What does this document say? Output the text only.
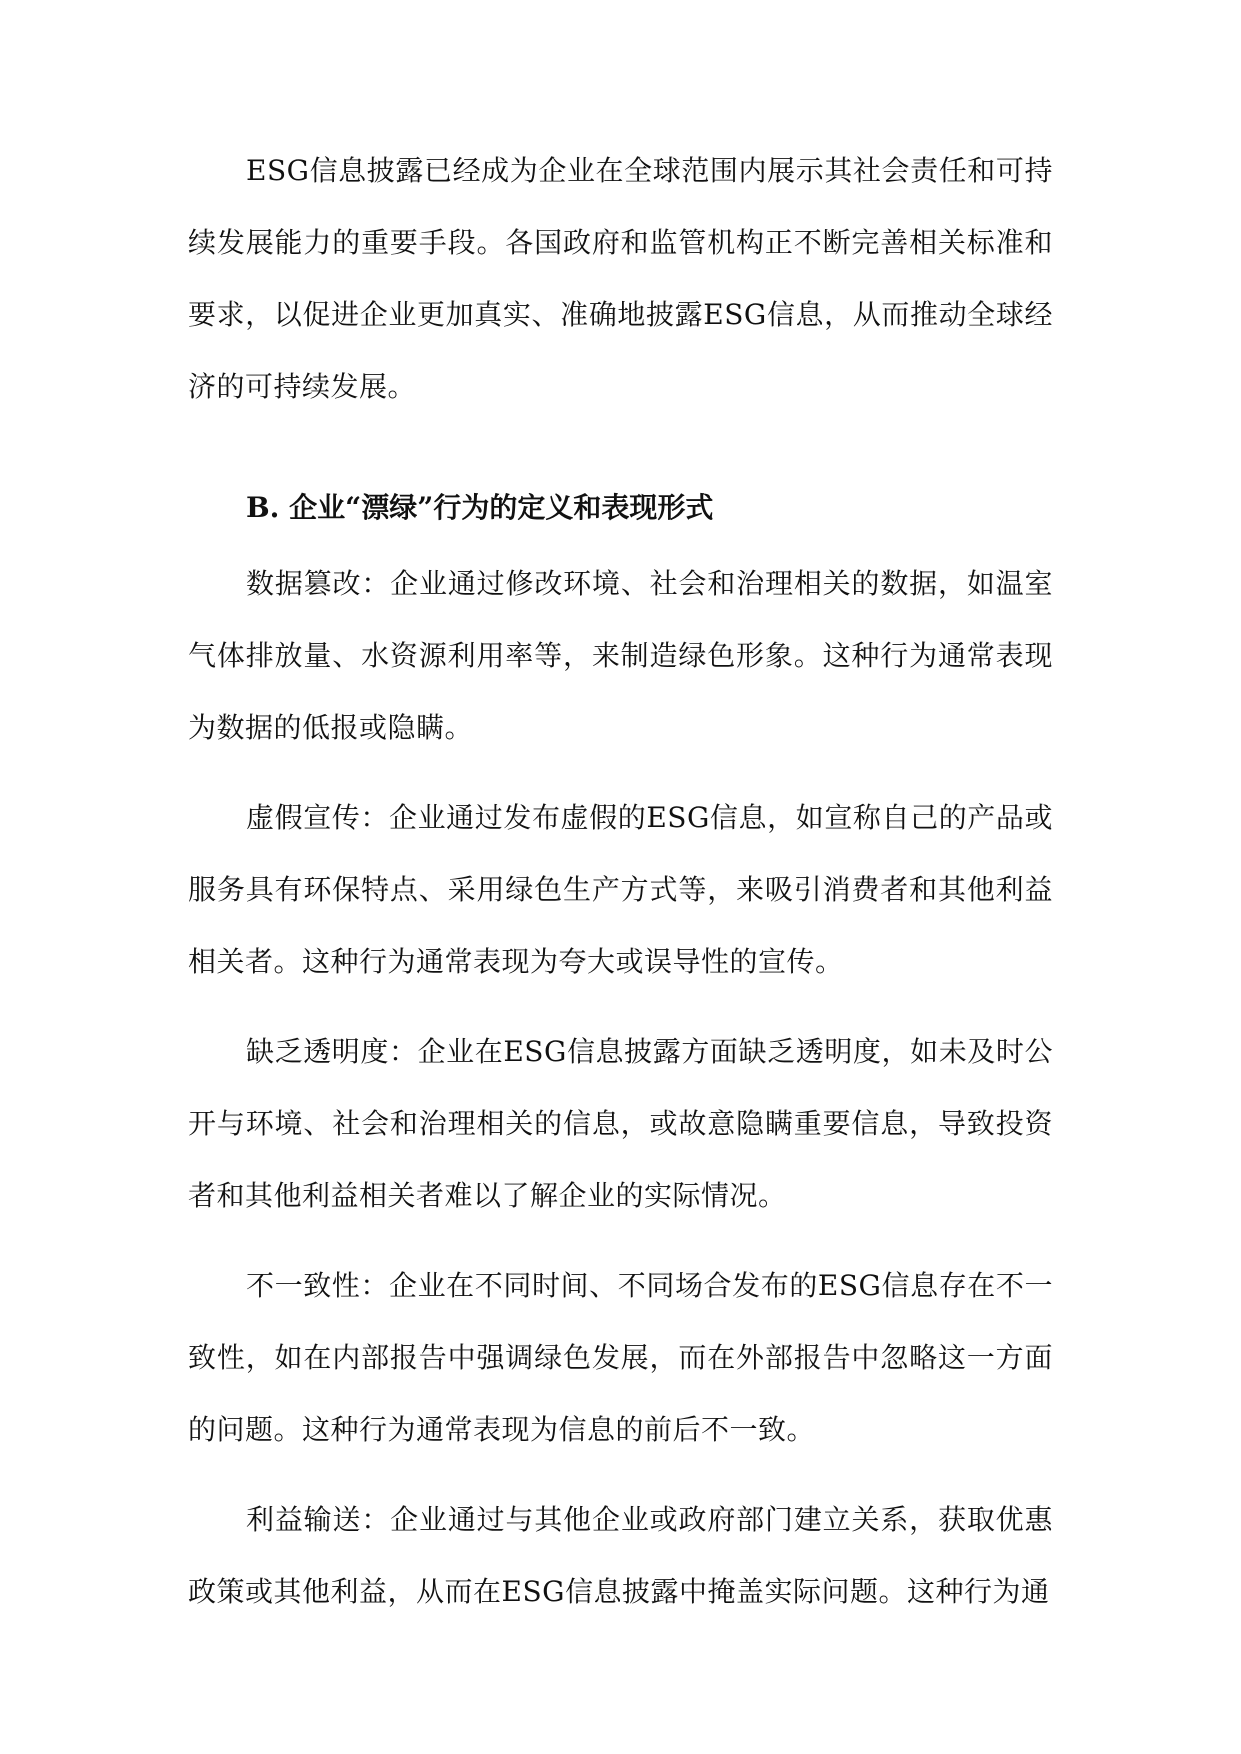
ESG信息披露已经成为企业在全球范围内展示其社会责任和可持续发展能力的重要手段。各国政府和监管机构正不断完善相关标准和要求，以促进企业更加真实、准确地披露ESG信息，从而推动全球经济的可持续发展。

B. 企业“漂绿”行为的定义和表现形式

数据篡改：企业通过修改环境、社会和治理相关的数据，如温室气体排放量、水资源利用率等，来制造绿色形象。这种行为通常表现为数据的低报或隐瞒。

虚假宣传：企业通过发布虚假的ESG信息，如宣称自己的产品或服务具有环保特点、采用绿色生产方式等，来吸引消费者和其他利益相关者。这种行为通常表现为夸大或误导性的宣传。

缺乏透明度：企业在ESG信息披露方面缺乏透明度，如未及时公开与环境、社会和治理相关的信息，或故意隐瞒重要信息，导致投资者和其他利益相关者难以了解企业的实际情况。

不一致性：企业在不同时间、不同场合发布的ESG信息存在不一致性，如在内部报告中强调绿色发展，而在外部报告中忽略这一方面的问题。这种行为通常表现为信息的前后不一致。

利益输送：企业通过与其他企业或政府部门建立关系，获取优惠政策或其他利益，从而在ESG信息披露中掩盖实际问题。这种行为通
